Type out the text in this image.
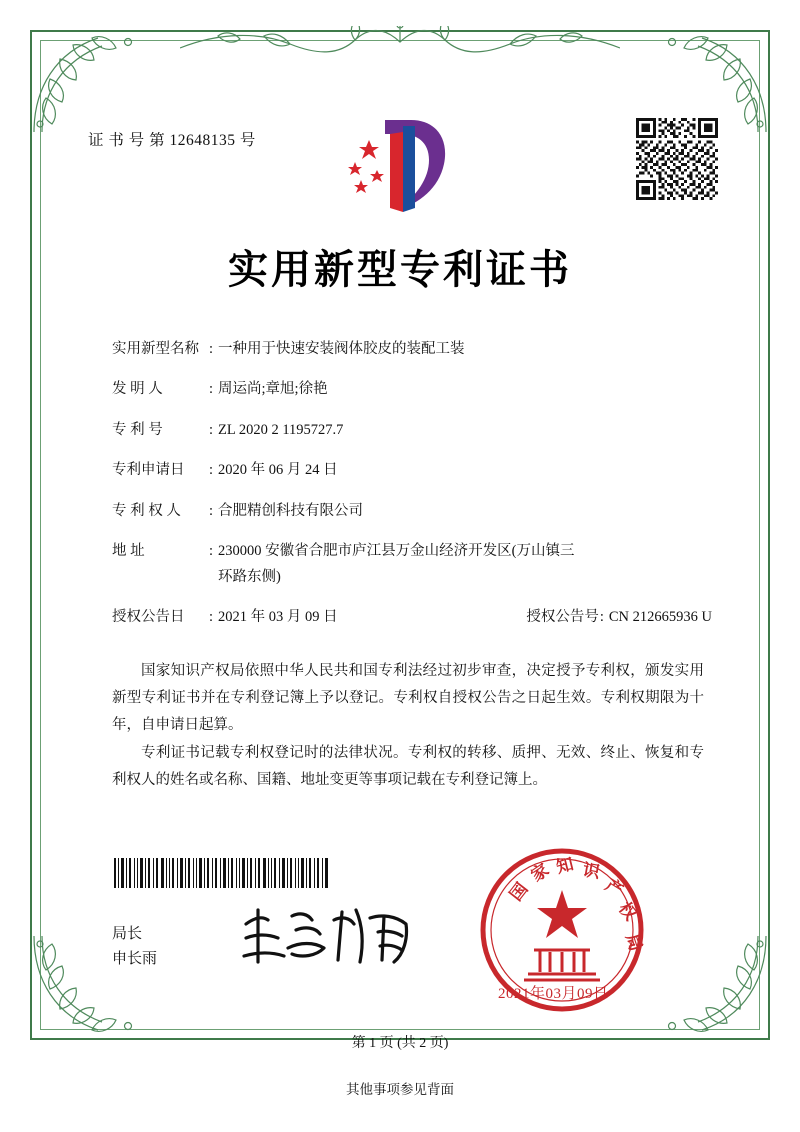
证 书 号 第 12648135 号
实用新型专利证书
实用新型名称 : 一种用于快速安装阀体胶皮的装配工装
发 明 人	: 周运尚;章旭;徐艳
专 利 号	: ZL 2020 2 1195727.7
专利申请日	: 2020 年 06 月 24 日
专 利 权 人	: 合肥精创科技有限公司
地 址	: 230000 安徽省合肥市庐江县万金山经济开发区(万山镇三
环路东侧)
授权公告日	: 2021 年 03 月 09 日	授权公告号 : CN 212665936 U

国家知识产权局依照中华人民共和国专利法经过初步审查，决定授予专利权，颁发实用新型专利证书并在专利登记簿上予以登记。专利权自授权公告之日起生效。专利权期限为十年，自申请日起算。

专利证书记载专利权登记时的法律状况。专利权的转移、质押、无效、终止、恢复和专利权人的姓名或名称、国籍、地址变更等事项记载在专利登记簿上。

局长
申长雨
国
家 知 识
产
权
局
2021年03月09日
第 1 页 (共 2 页)
其他事项参见背面
